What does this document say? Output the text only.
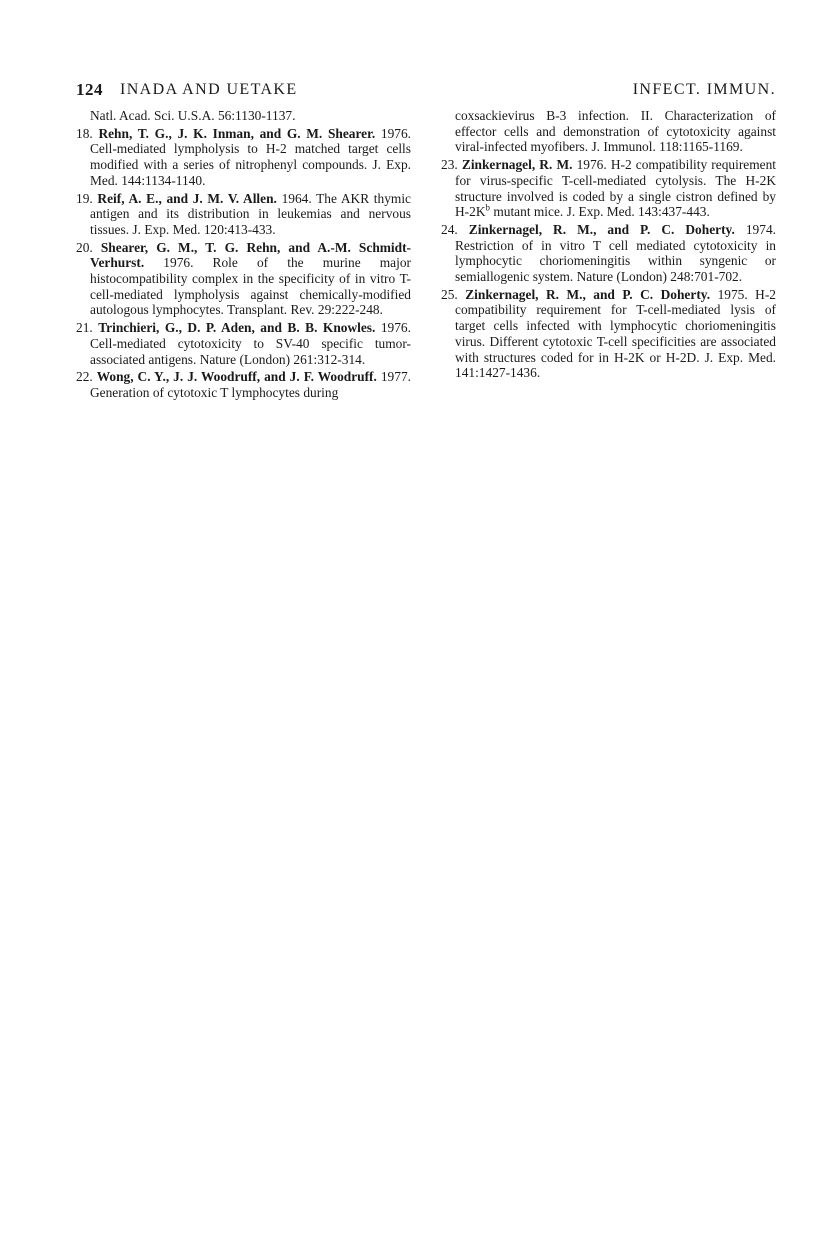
124 INADA AND UETAKE	INFECT. IMMUN.

Natl. Acad. Sci. U.S.A. 56:1130-1137.

18. Rehn, T. G., J. K. Inman, and G. M. Shearer. 1976. Cell-mediated lympholysis to H-2 matched target cells modified with a series of nitrophenyl compounds. J. Exp. Med. 144:1134-1140.

19. Reif, A. E., and J. M. V. Allen. 1964. The AKR thymic antigen and its distribution in leukemias and nervous tissues. J. Exp. Med. 120:413-433.

20. Shearer, G. M., T. G. Rehn, and A.-M. Schmidt-Verhurst. 1976. Role of the murine major histocompatibility complex in the specificity of in vitro T-cell-mediated lympholysis against chemically-modified autologous lymphocytes. Transplant. Rev. 29:222-248.

21. Trinchieri, G., D. P. Aden, and B. B. Knowles. 1976. Cell-mediated cytotoxicity to SV-40 specific tumor-associated antigens. Nature (London) 261:312-314.

22. Wong, C. Y., J. J. Woodruff, and J. F. Woodruff. 1977. Generation of cytotoxic T lymphocytes during

coxsackievirus B-3 infection. II. Characterization of effector cells and demonstration of cytotoxicity against viral-infected myofibers. J. Immunol. 118:1165-1169.

23. Zinkernagel, R. M. 1976. H-2 compatibility requirement for virus-specific T-cell-mediated cytolysis. The H-2K structure involved is coded by a single cistron defined by $H-2K^b$ mutant mice. J. Exp. Med. 143:437-443.

24. Zinkernagel, R. M., and P. C. Doherty. 1974. Restriction of in vitro T cell mediated cytotoxicity in lymphocytic choriomeningitis within syngenic or semiallogenic system. Nature (London) 248:701-702.

25. Zinkernagel, R. M., and P. C. Doherty. 1975. H-2 compatibility requirement for T-cell-mediated lysis of target cells infected with lymphocytic choriomeningitis virus. Different cytotoxic T-cell specificities are associated with structures coded for in H-2K or H-2D. J. Exp. Med. 141:1427-1436.
